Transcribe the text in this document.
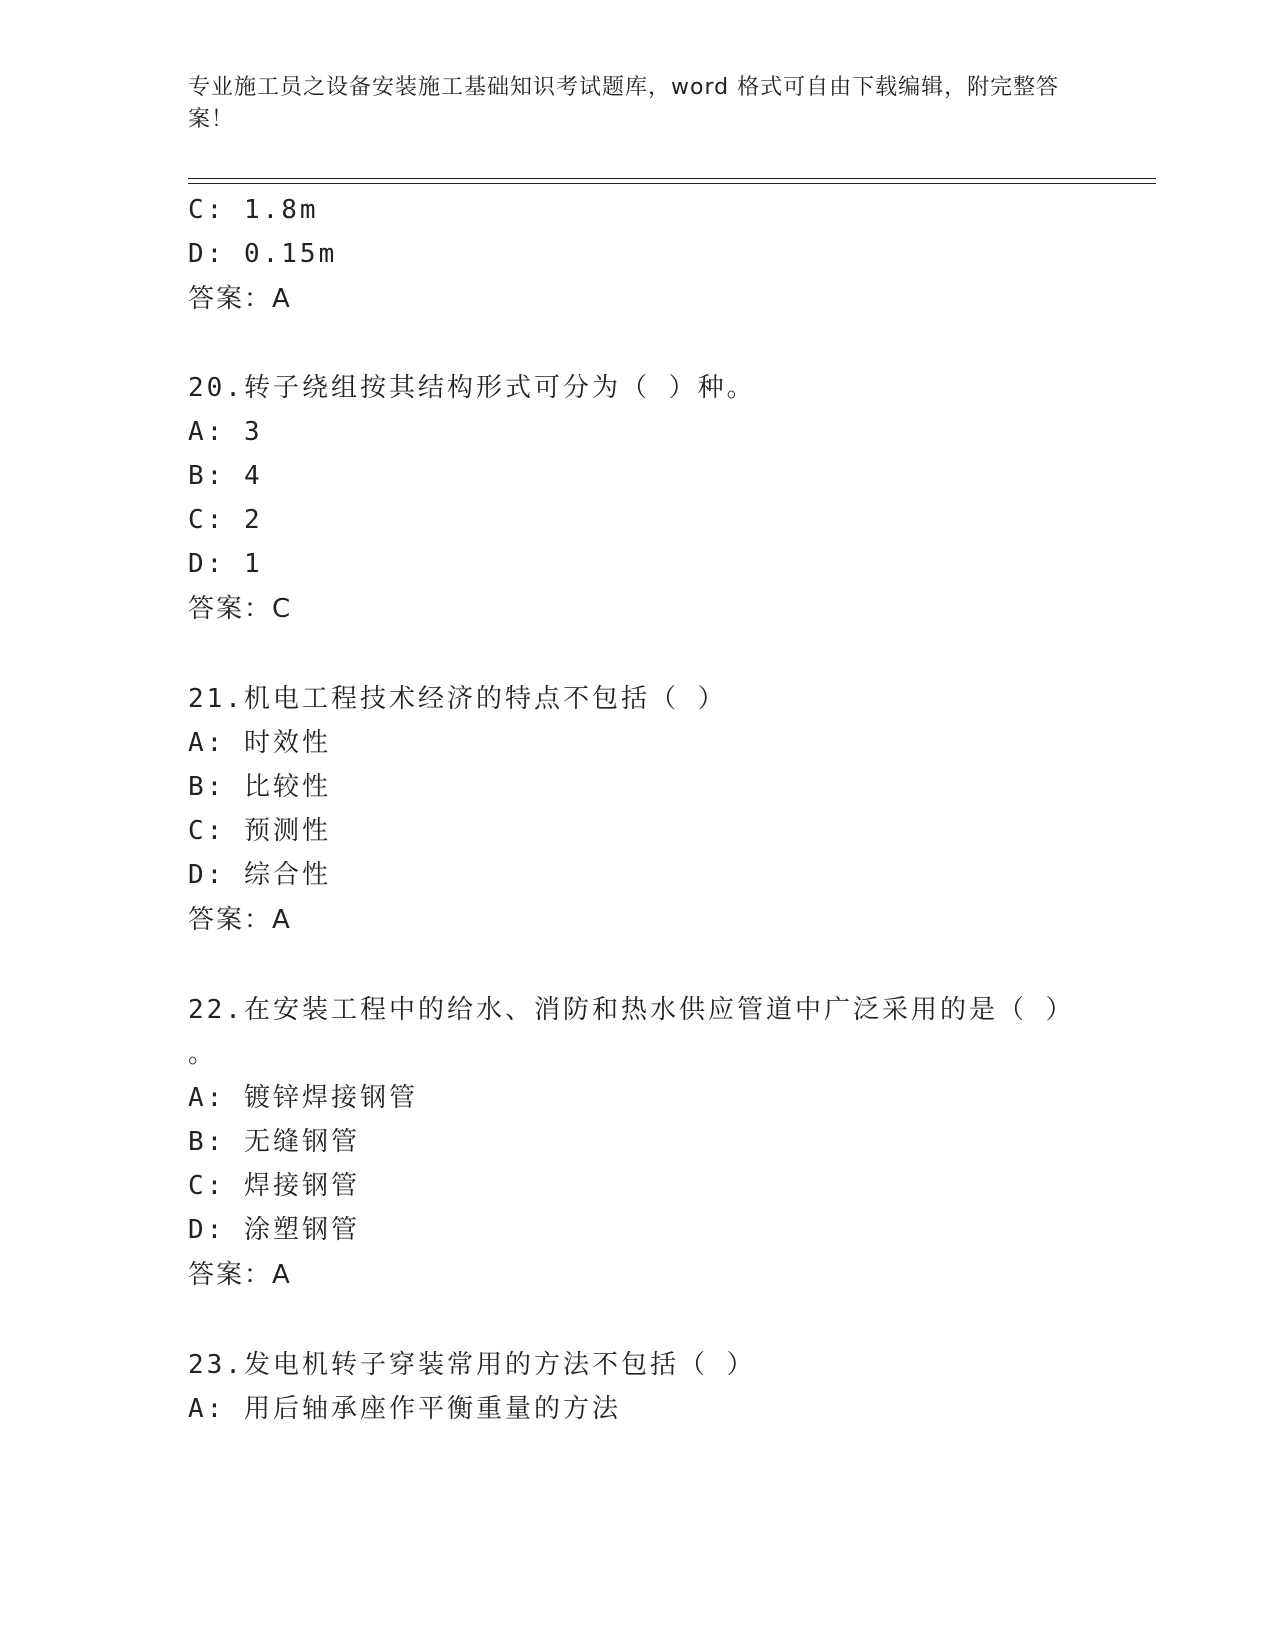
专业施工员之设备安装施工基础知识考试题库，word 格式可自由下载编辑，附完整答案！
C: 1.8m
D: 0.15m
答案：A
20.转子绕组按其结构形式可分为（ ）种。
A: 3
B: 4
C: 2
D: 1
答案：C
21.机电工程技术经济的特点不包括（ ）
A: 时效性
B: 比较性
C: 预测性
D: 综合性
答案：A
22.在安装工程中的给水、消防和热水供应管道中广泛采用的是（ ）
。
A: 镀锌焊接钢管
B: 无缝钢管
C: 焊接钢管
D: 涂塑钢管
答案：A
23.发电机转子穿装常用的方法不包括（ ）
A: 用后轴承座作平衡重量的方法
